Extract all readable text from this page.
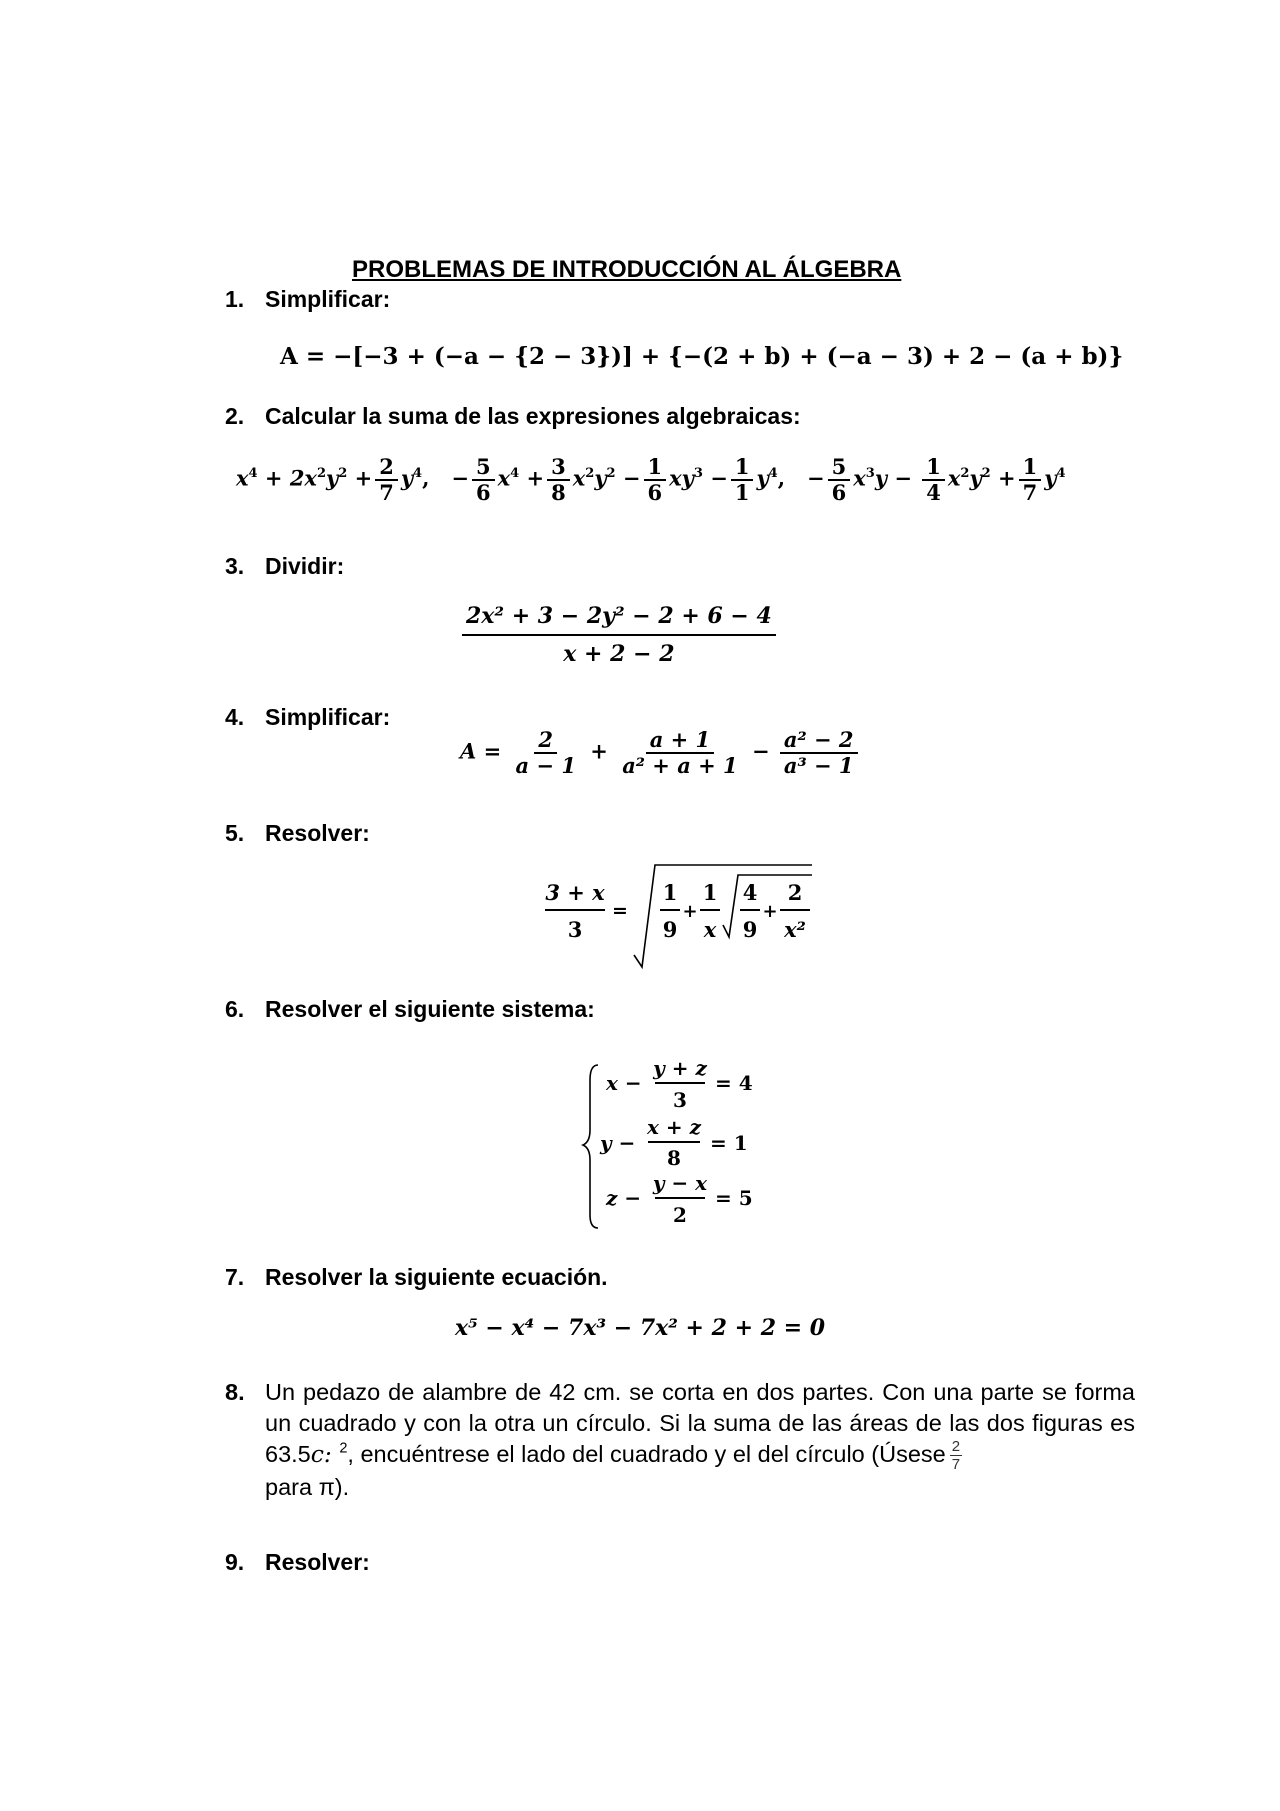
PROBLEMAS DE INTRODUCCIÓN AL ÁLGEBRA
1. Simplificar:
A = −[−3 + (−a − {2 − 3})] + {−(2 + b) + (−a − 3) + 2 − (a + b)}
2. Calcular la suma de las expresiones algebraicas:
$x^4 + 2x^2y^2 + \frac{2}{7} y^4$, − $\frac{5}{6} x^4 + \frac{3}{8} x^2y^2 - \frac{1}{6} xy^3 - \frac{1}{1} y^4$, − $\frac{5}{6} x^3y - \frac{1}{4} x^2y^2 + \frac{1}{7} y^4$
3. Dividir:
$\frac{\text{2x² + 3 − 2y² − 2 + 6 − 4}}{x + 2 - 2}$
4. Simplificar:
$A = \frac{2}{a - 1} + \frac{a + 1}{\text{a² + a + 1}} - \frac{\text{a² − 2}}{\text{a³ − 1}}$
5. Resolver:
3 + x
3
=
1
9
+
1
x
4
9
+
2
x²
6. Resolver el siguiente sistema:
x −
y + z
3
= 4
y −
x + z
8
= 1
z −
y − x
2
= 5
7. Resolver la siguiente ecuación.
x⁵ − x⁴ − 7x³ − 7x² + 2 + 2 = 0
8. Un pedazo de alambre de 42 cm. se corta en dos partes. Con una parte se forma un cuadrado y con la otra un círculo. Si la suma de las áreas de las dos figuras es 63.5c: $^2$, encuéntrese el lado del cuadrado y el del círculo (Úsese $\frac{2}{7}$

para π).
9. Resolver:
